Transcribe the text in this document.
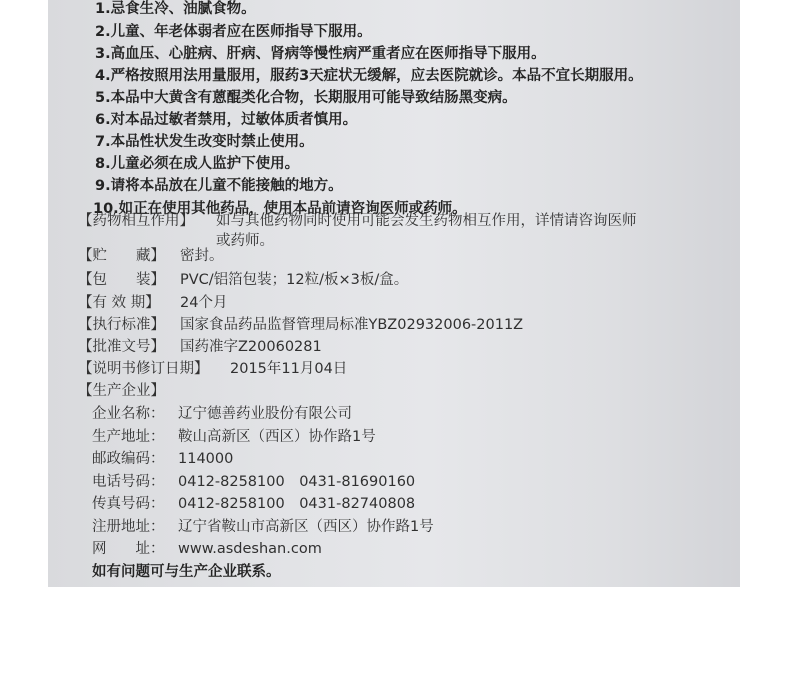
1.忌食生冷、油腻食物。
2.儿童、年老体弱者应在医师指导下服用。
3.高血压、心脏病、肝病、肾病等慢性病严重者应在医师指导下服用。
4.严格按照用法用量服用，服药3天症状无缓解，应去医院就诊。本品不宜长期服用。
5.本品中大黄含有蒽醌类化合物，长期服用可能导致结肠黑变病。
6.对本品过敏者禁用，过敏体质者慎用。
7.本品性状发生改变时禁止使用。
8.儿童必须在成人监护下使用。
9.请将本品放在儿童不能接触的地方。
10.如正在使用其他药品，使用本品前请咨询医师或药师。
【药物相互作用】 如与其他药物同时使用可能会发生药物相互作用，详情请咨询医师
或药师。
【贮　　藏】 密封。
【包　　装】 PVC/铝箔包装；12粒/板×3板/盒。
【有 效 期】 24个月
【执行标准】 国家食品药品监督管理局标准YBZ02932006-2011Z
【批准文号】 国药准字Z20060281
【说明书修订日期】 2015年11月04日
【生产企业】
企业名称： 辽宁德善药业股份有限公司
生产地址： 鞍山高新区（西区）协作路1号
邮政编码： 114000
电话号码： 0412-8258100　0431-81690160
传真号码： 0412-8258100　0431-82740808
注册地址： 辽宁省鞍山市高新区（西区）协作路1号
网　　址： www.asdeshan.com
如有问题可与生产企业联系。
